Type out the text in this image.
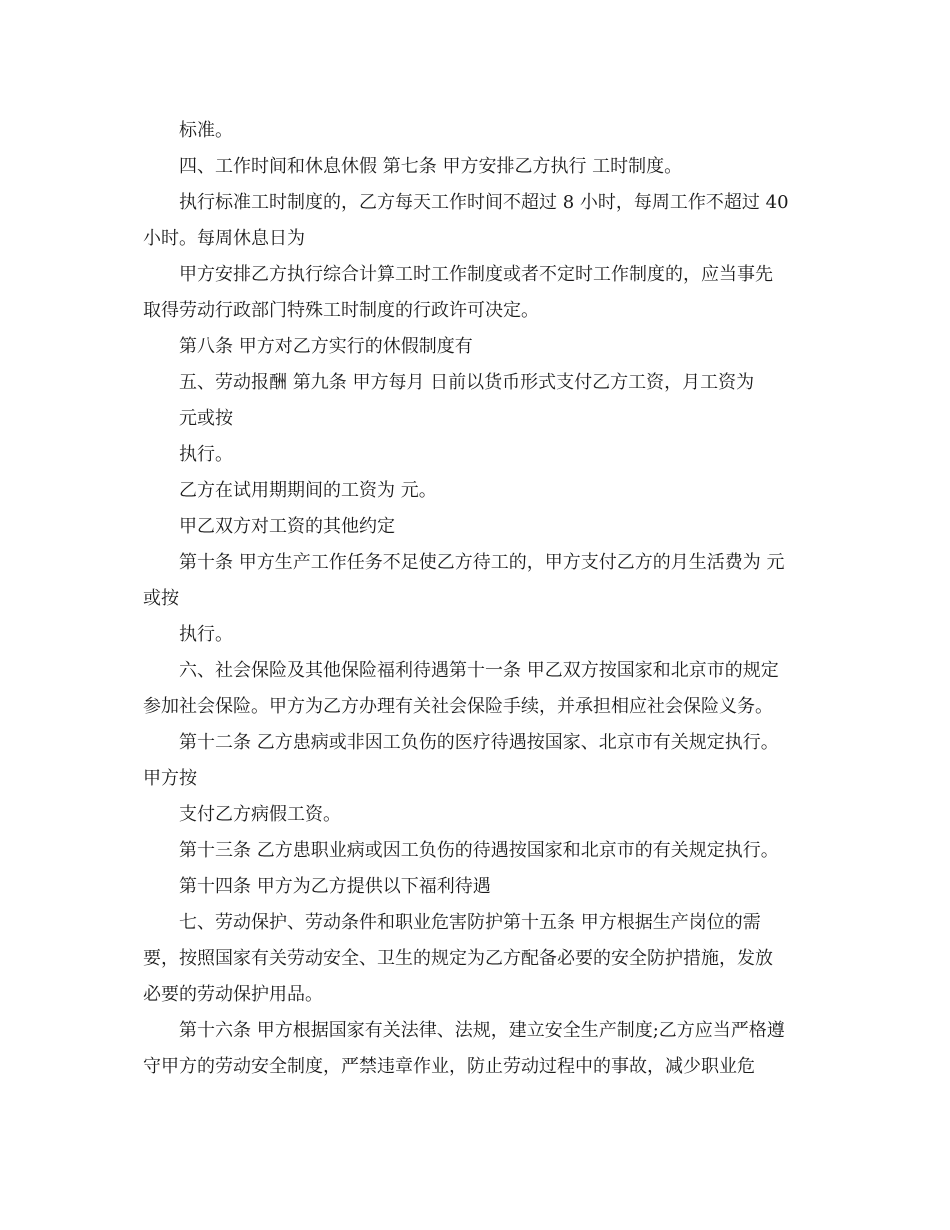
标准。
四、工作时间和休息休假 第七条 甲方安排乙方执行 工时制度。
执行标准工时制度的，乙方每天工作时间不超过 8 小时，每周工作不超过 40
小时。每周休息日为
甲方安排乙方执行综合计算工时工作制度或者不定时工作制度的，应当事先
取得劳动行政部门特殊工时制度的行政许可决定。
第八条 甲方对乙方实行的休假制度有
五、劳动报酬 第九条 甲方每月 日前以货币形式支付乙方工资，月工资为
元或按
执行。
乙方在试用期期间的工资为 元。
甲乙双方对工资的其他约定
第十条 甲方生产工作任务不足使乙方待工的，甲方支付乙方的月生活费为 元
或按
执行。
六、社会保险及其他保险福利待遇第十一条 甲乙双方按国家和北京市的规定
参加社会保险。甲方为乙方办理有关社会保险手续，并承担相应社会保险义务。
第十二条 乙方患病或非因工负伤的医疗待遇按国家、北京市有关规定执行。
甲方按
支付乙方病假工资。
第十三条 乙方患职业病或因工负伤的待遇按国家和北京市的有关规定执行。
第十四条 甲方为乙方提供以下福利待遇
七、劳动保护、劳动条件和职业危害防护第十五条 甲方根据生产岗位的需
要，按照国家有关劳动安全、卫生的规定为乙方配备必要的安全防护措施，发放
必要的劳动保护用品。
第十六条 甲方根据国家有关法律、法规，建立安全生产制度;乙方应当严格遵
守甲方的劳动安全制度，严禁违章作业，防止劳动过程中的事故，减少职业危
